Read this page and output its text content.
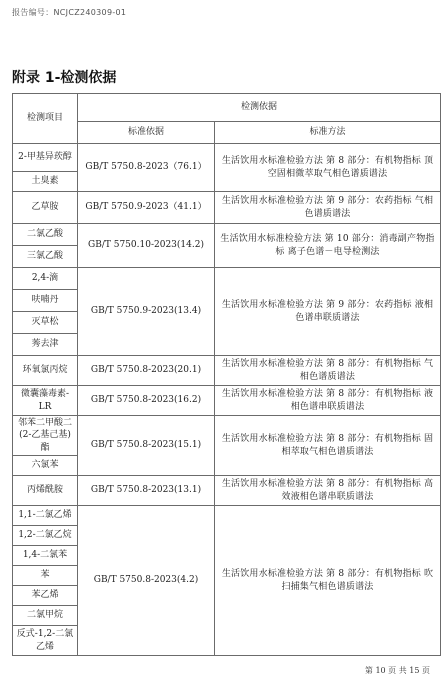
报告编号：NCJCZ240309-01
附录 1-检测依据
检测项目	检测依据	
	标准依据	标准方法
2-甲基异莰醇	GB/T 5750.8-2023（76.1）	生活饮用水标准检验方法 第 8 部分：有机物指标 顶空固相微萃取气相色谱质谱法
土臭素		
乙草胺	GB/T 5750.9-2023（41.1）	生活饮用水标准检验方法 第 9 部分：农药指标 气相色谱质谱法
二氯乙酸	GB/T 5750.10-2023(14.2)	生活饮用水标准检验方法 第 10 部分：消毒副产物指标 离子色谱－电导检测法
三氯乙酸		
2,4-滴	GB/T 5750.9-2023(13.4)	生活饮用水标准检验方法 第 9 部分：农药指标 液相色谱串联质谱法
呋喃丹		
灭草松		
莠去津		
环氧氯丙烷	GB/T 5750.8-2023(20.1)	生活饮用水标准检验方法 第 8 部分：有机物指标 气相色谱质谱法
微囊藻毒素-LR	GB/T 5750.8-2023(16.2)	生活饮用水标准检验方法 第 8 部分：有机物指标 液相色谱串联质谱法
邻苯二甲酸二(2-乙基己基)酯	GB/T 5750.8-2023(15.1)	生活饮用水标准检验方法 第 8 部分：有机物指标 固相萃取气相色谱质谱法
六氯苯		
丙烯酰胺	GB/T 5750.8-2023(13.1)	生活饮用水标准检验方法 第 8 部分：有机物指标 高效液相色谱串联质谱法
1,1-二氯乙烯	GB/T 5750.8-2023(4.2)	生活饮用水标准检验方法 第 8 部分：有机物指标 吹扫捕集气相色谱质谱法
1,2-二氯乙烷		
1,4-二氯苯		
苯		
苯乙烯		
二氯甲烷		
反式-1,2-二氯乙烯		
第 10 页 共 15 页
